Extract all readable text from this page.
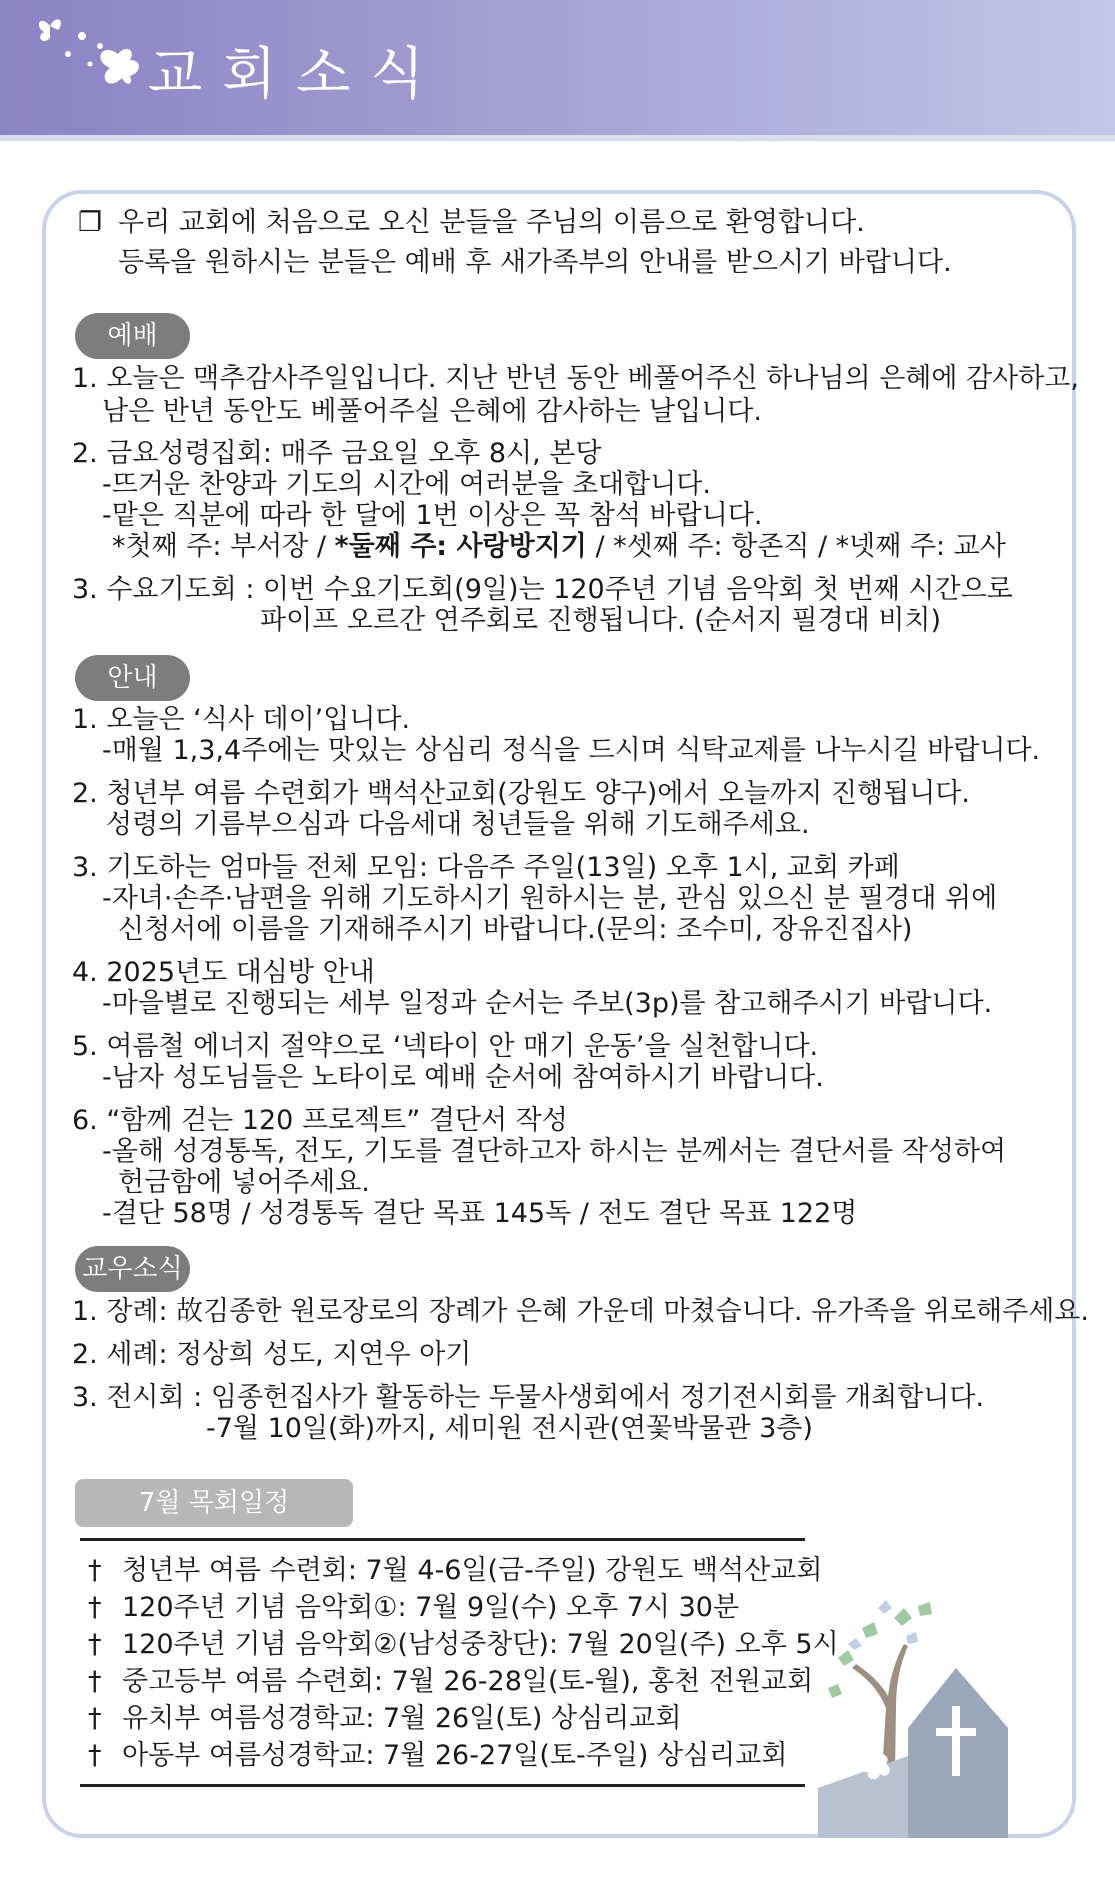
교회소식
❐ 우리 교회에 처음으로 오신 분들을 주님의 이름으로 환영합니다.
등록을 원하시는 분들은 예배 후 새가족부의 안내를 받으시기 바랍니다.
예배
1. 오늘은 맥추감사주일입니다. 지난 반년 동안 베풀어주신 하나님의 은혜에 감사하고,
남은 반년 동안도 베풀어주실 은혜에 감사하는 날입니다.
2. 금요성령집회: 매주 금요일 오후 8시, 본당
-뜨거운 찬양과 기도의 시간에 여러분을 초대합니다.
-맡은 직분에 따라 한 달에 1번 이상은 꼭 참석 바랍니다.
*첫째 주: 부서장 / *둘째 주: 사랑방지기 / *셋째 주: 항존직 / *넷째 주: 교사
3. 수요기도회 : 이번 수요기도회(9일)는 120주년 기념 음악회 첫 번째 시간으로
파이프 오르간 연주회로 진행됩니다. (순서지 필경대 비치)
안내
1. 오늘은 ‘식사 데이’입니다.
-매월 1,3,4주에는 맛있는 상심리 정식을 드시며 식탁교제를 나누시길 바랍니다.
2. 청년부 여름 수련회가 백석산교회(강원도 양구)에서 오늘까지 진행됩니다.
성령의 기름부으심과 다음세대 청년들을 위해 기도해주세요.
3. 기도하는 엄마들 전체 모임: 다음주 주일(13일) 오후 1시, 교회 카페
-자녀·손주·남편을 위해 기도하시기 원하시는 분, 관심 있으신 분 필경대 위에
신청서에 이름을 기재해주시기 바랍니다.(문의: 조수미, 장유진집사)
4. 2025년도 대심방 안내
-마을별로 진행되는 세부 일정과 순서는 주보(3p)를 참고해주시기 바랍니다.
5. 여름철 에너지 절약으로 ‘넥타이 안 매기 운동’을 실천합니다.
-남자 성도님들은 노타이로 예배 순서에 참여하시기 바랍니다.
6. “함께 걷는 120 프로젝트” 결단서 작성
-올해 성경통독, 전도, 기도를 결단하고자 하시는 분께서는 결단서를 작성하여
헌금함에 넣어주세요.
-결단 58명 / 성경통독 결단 목표 145독 / 전도 결단 목표 122명
교우소식
1. 장례: 故김종한 원로장로의 장례가 은혜 가운데 마쳤습니다. 유가족을 위로해주세요.
2. 세례: 정상희 성도, 지연우 아기
3. 전시회 : 임종헌집사가 활동하는 두물사생회에서 정기전시회를 개최합니다.
-7월 10일(화)까지, 세미원 전시관(연꽃박물관 3층)
7월 목회일정
† 청년부 여름 수련회: 7월 4-6일(금-주일) 강원도 백석산교회
† 120주년 기념 음악회①: 7월 9일(수) 오후 7시 30분
† 120주년 기념 음악회②(남성중창단): 7월 20일(주) 오후 5시
† 중고등부 여름 수련회: 7월 26-28일(토-월), 홍천 전원교회
† 유치부 여름성경학교: 7월 26일(토) 상심리교회
† 아동부 여름성경학교: 7월 26-27일(토-주일) 상심리교회
